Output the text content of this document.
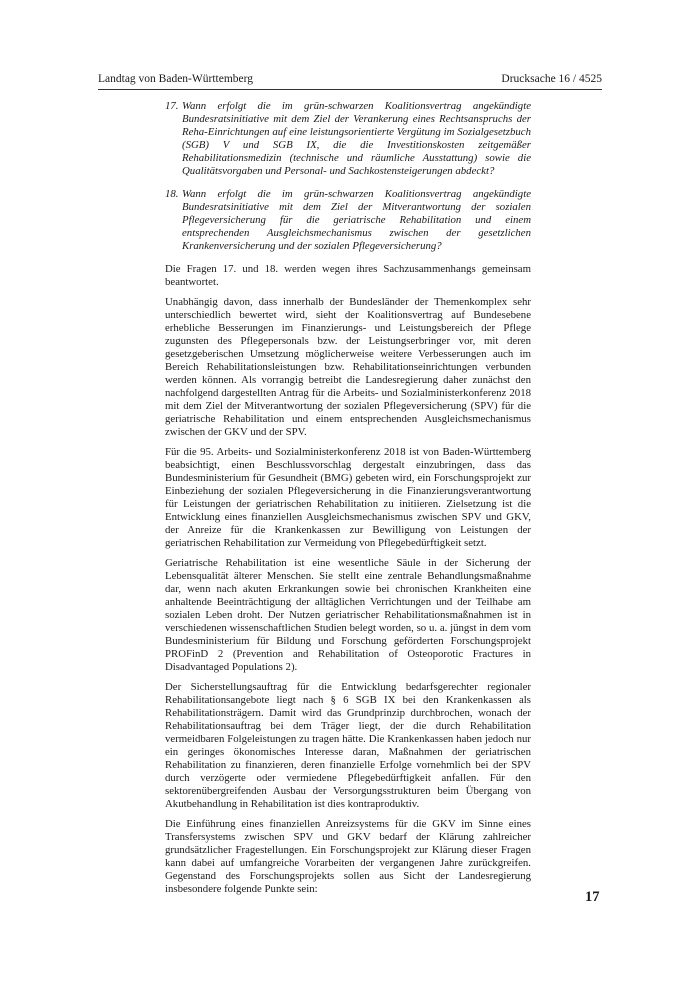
Landtag von Baden-Württemberg	Drucksache 16 / 4525
17. Wann erfolgt die im grün-schwarzen Koalitionsvertrag angekündigte Bundesratsinitiative mit dem Ziel der Verankerung eines Rechtsanspruchs der Reha-Einrichtungen auf eine leistungsorientierte Vergütung im Sozialgesetzbuch (SGB) V und SGB IX, die die Investitionskosten zeitgemäßer Rehabilitationsmedizin (technische und räumliche Ausstattung) sowie die Qualitätsvorgaben und Personal- und Sachkostensteigerungen abdeckt?
18. Wann erfolgt die im grün-schwarzen Koalitionsvertrag angekündigte Bundesratsinitiative mit dem Ziel der Mitverantwortung der sozialen Pflegeversicherung für die geriatrische Rehabilitation und einem entsprechenden Ausgleichsmechanismus zwischen der gesetzlichen Krankenversicherung und der sozialen Pflegeversicherung?

Die Fragen 17. und 18. werden wegen ihres Sachzusammenhangs gemeinsam beantwortet.

Unabhängig davon, dass innerhalb der Bundesländer der Themenkomplex sehr unterschiedlich bewertet wird, sieht der Koalitionsvertrag auf Bundesebene erhebliche Besserungen im Finanzierungs- und Leistungsbereich der Pflege zugunsten des Pflegepersonals bzw. der Leistungserbringer vor, mit deren gesetzgeberischen Umsetzung möglicherweise weitere Verbesserungen auch im Bereich Rehabilitationsleistungen bzw. Rehabilitationseinrichtungen verbunden werden können. Als vorrangig betreibt die Landesregierung daher zunächst den nachfolgend dargestellten Antrag für die Arbeits- und Sozialministerkonferenz 2018 mit dem Ziel der Mitverantwortung der sozialen Pflegeversicherung (SPV) für die geriatrische Rehabilitation und einem entsprechenden Ausgleichsmechanismus zwischen der GKV und der SPV.

Für die 95. Arbeits- und Sozialministerkonferenz 2018 ist von Baden-Württemberg beabsichtigt, einen Beschlussvorschlag dergestalt einzubringen, dass das Bundesministerium für Gesundheit (BMG) gebeten wird, ein Forschungsprojekt zur Einbeziehung der sozialen Pflegeversicherung in die Finanzierungsverantwortung für Leistungen der geriatrischen Rehabilitation zu initiieren. Zielsetzung ist die Entwicklung eines finanziellen Ausgleichsmechanismus zwischen SPV und GKV, der Anreize für die Krankenkassen zur Bewilligung von Leistungen der geriatrischen Rehabilitation zur Vermeidung von Pflegebedürftigkeit setzt.

Geriatrische Rehabilitation ist eine wesentliche Säule in der Sicherung der Lebensqualität älterer Menschen. Sie stellt eine zentrale Behandlungsmaßnahme dar, wenn nach akuten Erkrankungen sowie bei chronischen Krankheiten eine anhaltende Beeinträchtigung der alltäglichen Verrichtungen und der Teilhabe am sozialen Leben droht. Der Nutzen geriatrischer Rehabilitationsmaßnahmen ist in verschiedenen wissenschaftlichen Studien belegt worden, so u. a. jüngst in dem vom Bundesministerium für Bildung und Forschung geförderten Forschungsprojekt PROFinD 2 (Prevention and Rehabilitation of Osteoporotic Fractures in Disadvantaged Populations 2).

Der Sicherstellungsauftrag für die Entwicklung bedarfsgerechter regionaler Rehabilitationsangebote liegt nach § 6 SGB IX bei den Krankenkassen als Rehabilitationsträgern. Damit wird das Grundprinzip durchbrochen, wonach der Rehabilitationsauftrag bei dem Träger liegt, der die durch Rehabilitation vermeidbaren Folgeleistungen zu tragen hätte. Die Krankenkassen haben jedoch nur ein geringes ökonomisches Interesse daran, Maßnahmen der geriatrischen Rehabilitation zu finanzieren, deren finanzielle Erfolge vornehmlich bei der SPV durch verzögerte oder vermiedene Pflegebedürftigkeit anfallen. Für den sektorenübergreifenden Ausbau der Versorgungsstrukturen beim Übergang von Akutbehandlung in Rehabilitation ist dies kontraproduktiv.

Die Einführung eines finanziellen Anreizsystems für die GKV im Sinne eines Transfersystems zwischen SPV und GKV bedarf der Klärung zahlreicher grundsätzlicher Fragestellungen. Ein Forschungsprojekt zur Klärung dieser Fragen kann dabei auf umfangreiche Vorarbeiten der vergangenen Jahre zurückgreifen. Gegenstand des Forschungsprojekts sollen aus Sicht der Landesregierung insbesondere folgende Punkte sein:	17
